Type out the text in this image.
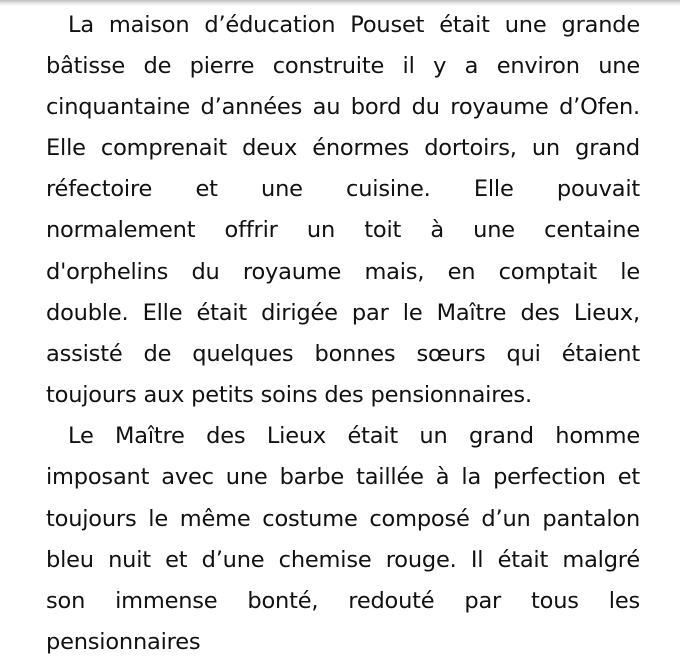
La maison d’éducation Pouset était une grande
bâtisse de pierre construite il y a environ une
cinquantaine d’années au bord du royaume d’Ofen.
Elle comprenait deux énormes dortoirs, un grand
réfectoire et une cuisine. Elle pouvait
normalement offrir un toit à une centaine
d'orphelins du royaume mais, en comptait le
double. Elle était dirigée par le Maître des Lieux,
assisté de quelques bonnes sœurs qui étaient
toujours aux petits soins des pensionnaires.
Le Maître des Lieux était un grand homme
imposant avec une barbe taillée à la perfection et
toujours le même costume composé d’un pantalon
bleu nuit et d’une chemise rouge. Il était malgré
son immense bonté, redouté par tous les
pensionnaires
